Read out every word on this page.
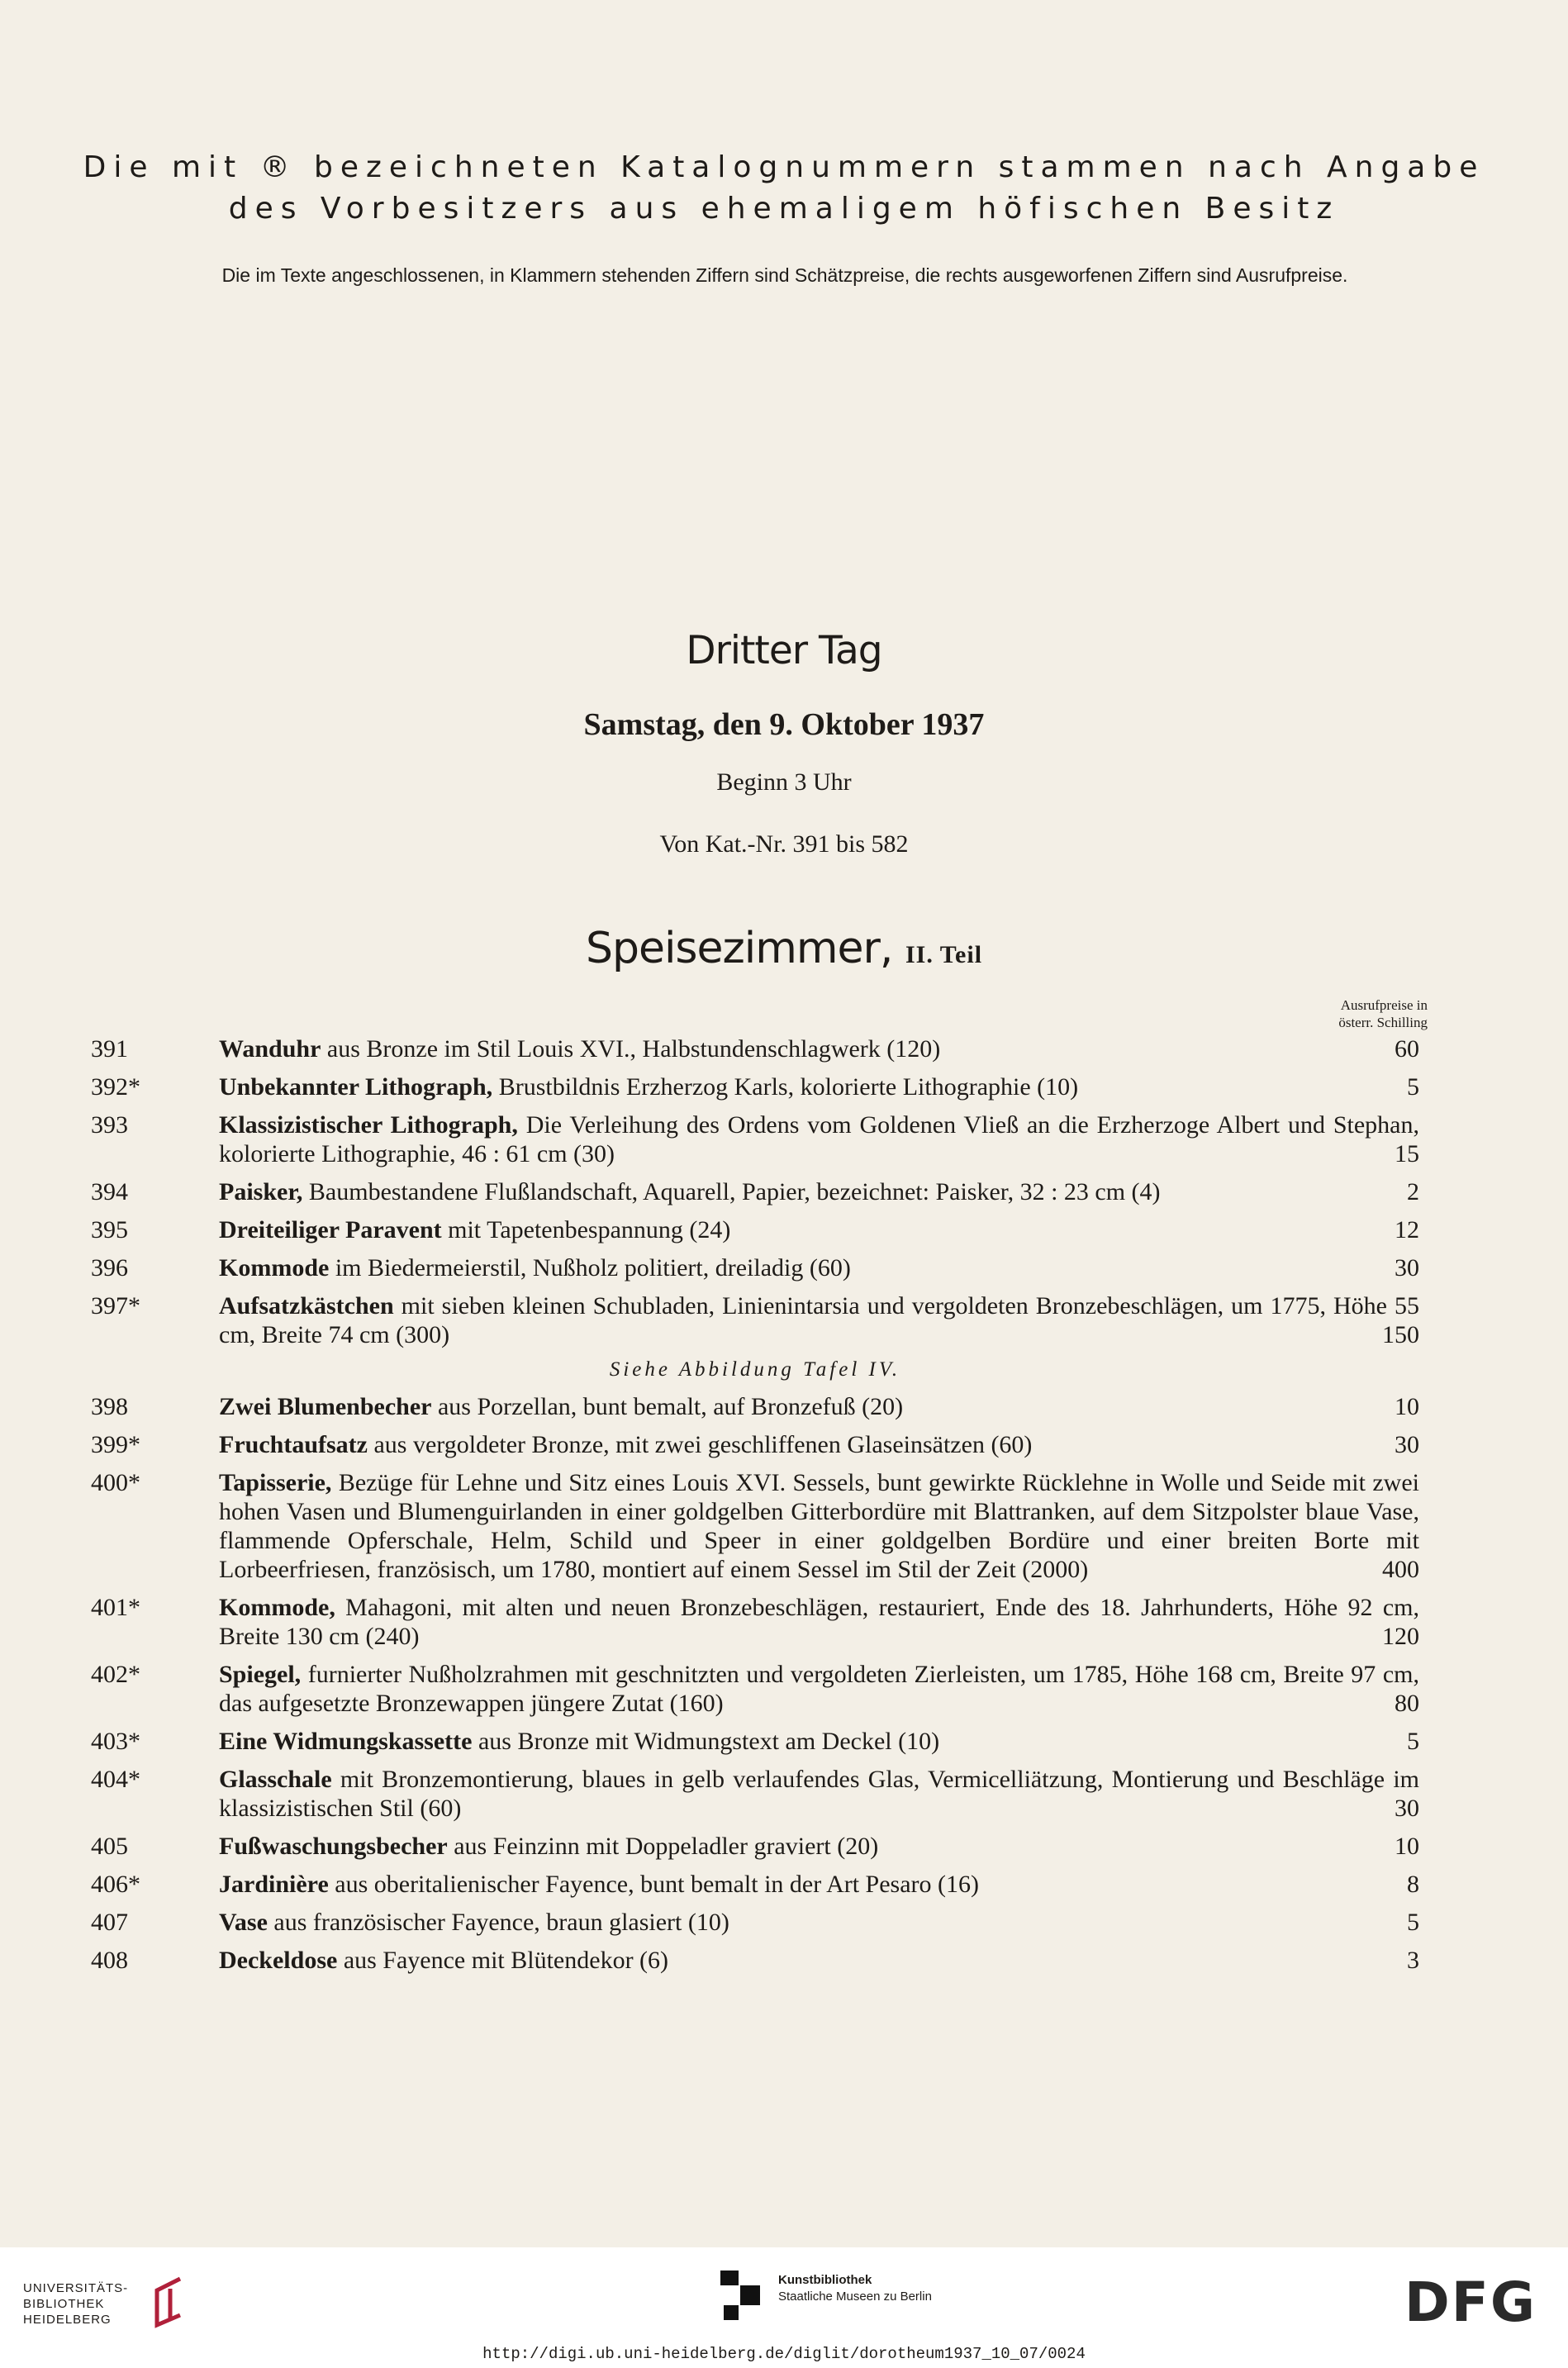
Die mit ® bezeichneten Katalognummern stammen nach Angabe
des Vorbesitzers aus ehemaligem höfischen Besitz
Die im Texte angeschlossenen, in Klammern stehenden Ziffern sind Schätzpreise, die rechts ausgeworfenen Ziffern sind Ausrufpreise.
Dritter Tag
Samstag, den 9. Oktober 1937
Beginn 3 Uhr
Von Kat.-Nr. 391 bis 582
Speisezimmer, II. Teil
Ausrufpreise in
österr. Schilling
391	Wanduhr aus Bronze im Stil Louis XVI., Halbstundenschlagwerk (120)	60
392*	Unbekannter Lithograph, Brustbildnis Erzherzog Karls, kolorierte Lithographie (10)	5
393	Klassizistischer Lithograph, Die Verleihung des Ordens vom Goldenen Vließ an die Erzherzoge Albert und Stephan, kolorierte Lithographie, 46 : 61 cm (30)	15
394	Paisker, Baumbestandene Flußlandschaft, Aquarell, Papier, bezeichnet: Paisker, 32 : 23 cm (4)	2
395	Dreiteiliger Paravent mit Tapetenbespannung (24)	12
396	Kommode im Biedermeierstil, Nußholz politiert, dreiladig (60)	30
397*	Aufsatzkästchen mit sieben kleinen Schubladen, Linienintarsia und vergoldeten Bronzebeschlägen, um 1775, Höhe 55 cm, Breite 74 cm (300)	150
Siehe Abbildung Tafel IV.
398	Zwei Blumenbecher aus Porzellan, bunt bemalt, auf Bronzefuß (20)	10
399*	Fruchtaufsatz aus vergoldeter Bronze, mit zwei geschliffenen Glaseinsätzen (60)	30
400*	Tapisserie, Bezüge für Lehne und Sitz eines Louis XVI. Sessels, bunt gewirkte Rücklehne in Wolle und Seide mit zwei hohen Vasen und Blumenguirlanden in einer goldgelben Gitterbordüre mit Blattranken, auf dem Sitzpolster blaue Vase, flammende Opferschale, Helm, Schild und Speer in einer goldgelben Bordüre und einer breiten Borte mit Lorbeerfriesen, französisch, um 1780, montiert auf einem Sessel im Stil der Zeit (2000)	400
401*	Kommode, Mahagoni, mit alten und neuen Bronzebeschlägen, restauriert, Ende des 18. Jahrhunderts, Höhe 92 cm, Breite 130 cm (240)	120
402*	Spiegel, furnierter Nußholzrahmen mit geschnitzten und vergoldeten Zierleisten, um 1785, Höhe 168 cm, Breite 97 cm, das aufgesetzte Bronzewappen jüngere Zutat (160)	80
403*	Eine Widmungskassette aus Bronze mit Widmungstext am Deckel (10)	5
404*	Glasschale mit Bronzemontierung, blaues in gelb verlaufendes Glas, Vermicelliätzung, Montierung und Beschläge im klassizistischen Stil (60)	30
405	Fußwaschungsbecher aus Feinzinn mit Doppeladler graviert (20)	10
406*	Jardinière aus oberitalienischer Fayence, bunt bemalt in der Art Pesaro (16)	8
407	Vase aus französischer Fayence, braun glasiert (10)	5
408	Deckeldose aus Fayence mit Blütendekor (6)	3
UNIVERSITÄTS-
BIBLIOTHEK
HEIDELBERG
Kunstbibliothek
Staatliche Museen zu Berlin	DFG
http://digi.ub.uni-heidelberg.de/diglit/dorotheum1937_10_07/0024
